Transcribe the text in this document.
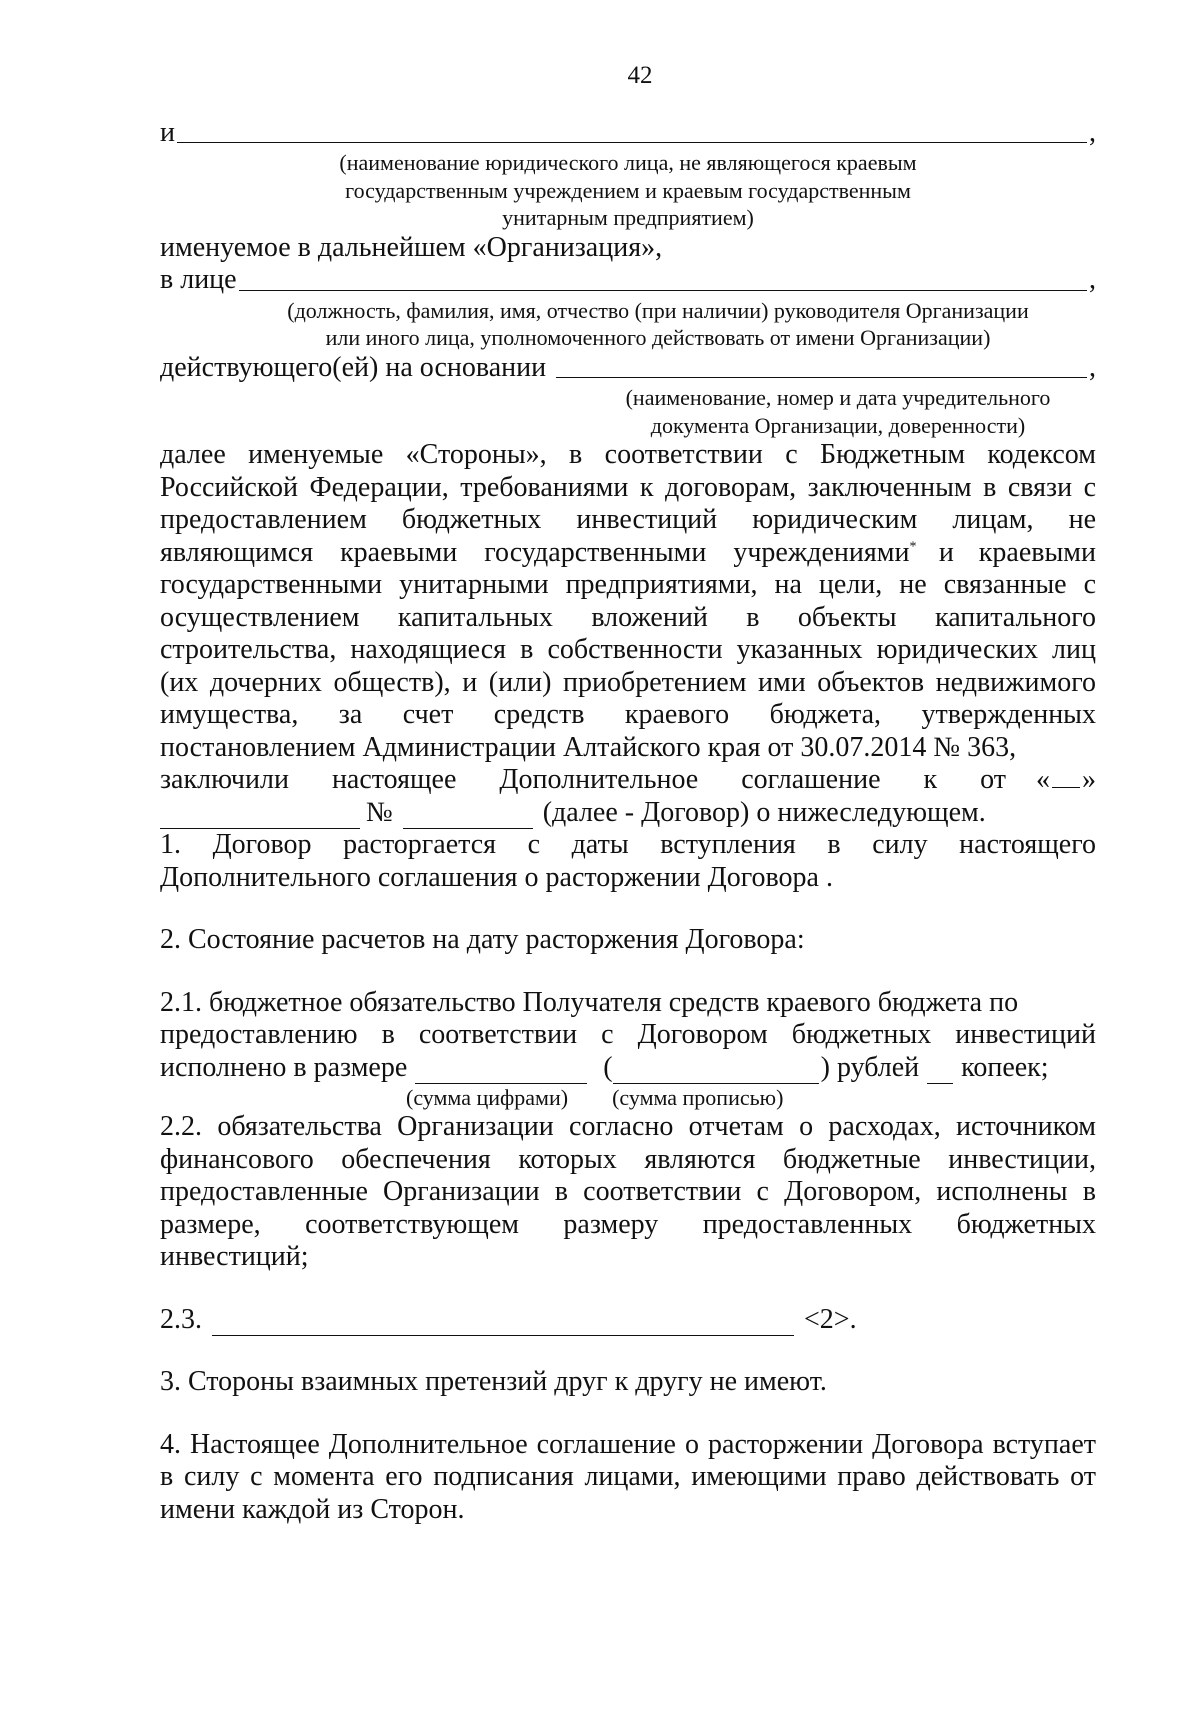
42
и	,
(наименование юридического лица, не являющегося краевым
государственным учреждением и краевым государственным
унитарным предприятием)
именуемое в дальнейшем «Организация»,
в лице	,
(должность, фамилия, имя, отчество (при наличии) руководителя Организации
или иного лица, уполномоченного действовать от имени Организации)
действующего(ей) на основании	,
(наименование, номер и дата учредительного
документа Организации, доверенности)
далее именуемые «Стороны», в соответствии с Бюджетным кодексом
Российской Федерации, требованиями к договорам, заключенным в связи с
предоставлением бюджетных инвестиций юридическим лицам, не
являющимся краевыми государственными учреждениями* и краевыми
государственными унитарными предприятиями, на цели, не связанные с
осуществлением капитальных вложений в объекты капитального
строительства, находящиеся в собственности указанных юридических лиц
(их дочерних обществ), и (или) приобретением ими объектов недвижимого
имущества, за счет средств краевого бюджета, утвержденных
постановлением Администрации Алтайского края от 30.07.2014 № 363,
заключили настоящее Дополнительное соглашение к от « »
№	(далее - Договор) о нижеследующем.
1. Договор расторгается с даты вступления в силу настоящего
Дополнительного соглашения о расторжении Договора .
2. Состояние расчетов на дату расторжения Договора:
2.1. бюджетное обязательство Получателя средств краевого бюджета по
предоставлению в соответствии с Договором бюджетных инвестиций
исполнено в размере	(	) рублей копеек;
(сумма цифрами) (сумма прописью)
2.2. обязательства Организации согласно отчетам о расходах, источником
финансового обеспечения которых являются бюджетные инвестиции,
предоставленные Организации в соответствии с Договором, исполнены в
размере, соответствующем размеру предоставленных бюджетных
инвестиций;
2.3.	<2>.
3. Стороны взаимных претензий друг к другу не имеют.
4. Настоящее Дополнительное соглашение о расторжении Договора вступает
в силу с момента его подписания лицами, имеющими право действовать от
имени каждой из Сторон.
